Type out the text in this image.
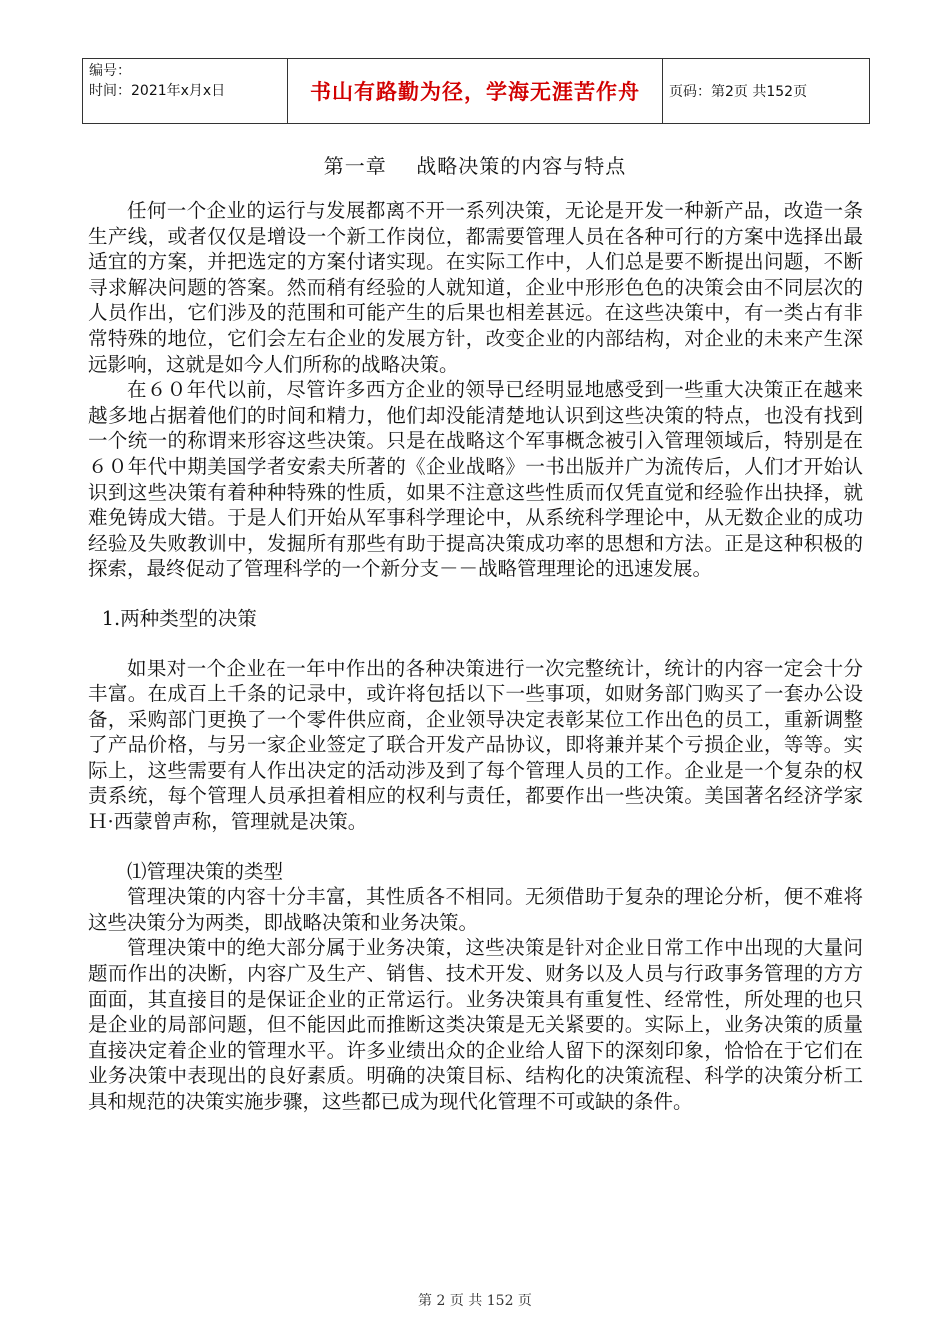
编号：
时间：2021年x月x日	书山有路勤为径，学海无涯苦作舟	页码：第2页 共152页
第一章    战略决策的内容与特点

任何一个企业的运行与发展都离不开一系列决策，无论是开发一种新产品，改造一条生产线，或者仅仅是增设一个新工作岗位，都需要管理人员在各种可行的方案中选择出最适宜的方案，并把选定的方案付诸实现。在实际工作中，人们总是要不断提出问题，不断寻求解决问题的答案。然而稍有经验的人就知道，企业中形形色色的决策会由不同层次的人员作出，它们涉及的范围和可能产生的后果也相差甚远。在这些决策中，有一类占有非常特殊的地位，它们会左右企业的发展方针，改变企业的内部结构，对企业的未来产生深远影响，这就是如今人们所称的战略决策。

在６０年代以前，尽管许多西方企业的领导已经明显地感受到一些重大决策正在越来越多地占据着他们的时间和精力，他们却没能清楚地认识到这些决策的特点，也没有找到一个统一的称谓来形容这些决策。只是在战略这个军事概念被引入管理领域后，特别是在６０年代中期美国学者安索夫所著的《企业战略》一书出版并广为流传后，人们才开始认识到这些决策有着种种特殊的性质，如果不注意这些性质而仅凭直觉和经验作出抉择，就难免铸成大错。于是人们开始从军事科学理论中，从系统科学理论中，从无数企业的成功经验及失败教训中，发掘所有那些有助于提高决策成功率的思想和方法。正是这种积极的探索，最终促动了管理科学的一个新分支－－战略管理理论的迅速发展。

1.两种类型的决策

如果对一个企业在一年中作出的各种决策进行一次完整统计，统计的内容一定会十分丰富。在成百上千条的记录中，或许将包括以下一些事项，如财务部门购买了一套办公设备，采购部门更换了一个零件供应商，企业领导决定表彰某位工作出色的员工，重新调整了产品价格，与另一家企业签定了联合开发产品协议，即将兼并某个亏损企业，等等。实际上，这些需要有人作出决定的活动涉及到了每个管理人员的工作。企业是一个复杂的权责系统，每个管理人员承担着相应的权利与责任，都要作出一些决策。美国著名经济学家Ｈ·西蒙曾声称，管理就是决策。

⑴管理决策的类型

管理决策的内容十分丰富，其性质各不相同。无须借助于复杂的理论分析，便不难将这些决策分为两类，即战略决策和业务决策。

管理决策中的绝大部分属于业务决策，这些决策是针对企业日常工作中出现的大量问题而作出的决断，内容广及生产、销售、技术开发、财务以及人员与行政事务管理的方方面面，其直接目的是保证企业的正常运行。业务决策具有重复性、经常性，所处理的也只是企业的局部问题，但不能因此而推断这类决策是无关紧要的。实际上，业务决策的质量直接决定着企业的管理水平。许多业绩出众的企业给人留下的深刻印象，恰恰在于它们在业务决策中表现出的良好素质。明确的决策目标、结构化的决策流程、科学的决策分析工具和规范的决策实施步骤，这些都已成为现代化管理不可或缺的条件。

第 2 页 共 152 页
